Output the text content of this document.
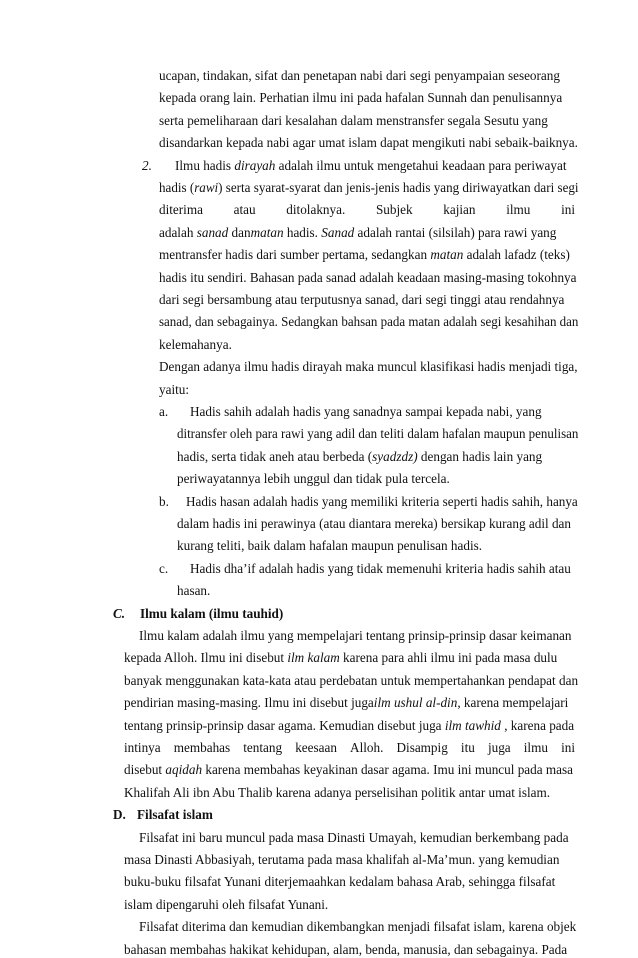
ucapan, tindakan, sifat dan penetapan nabi dari segi penyampaian seseorang
kepada orang lain. Perhatian ilmu ini pada hafalan Sunnah dan penulisannya
serta pemeliharaan dari kesalahan dalam menstransfer segala Sesutu yang
disandarkan kepada nabi agar umat islam dapat mengikuti nabi sebaik-baiknya.
2. Ilmu hadis dirayah adalah ilmu untuk mengetahui keadaan para periwayat
hadis (rawi) serta syarat-syarat dan jenis-jenis hadis yang diriwayatkan dari segi
diterima atau ditolaknya. Subjek kajian ilmu ini
adalah sanad danmatan hadis. Sanad adalah rantai (silsilah) para rawi yang
mentransfer hadis dari sumber pertama, sedangkan matan adalah lafadz (teks)
hadis itu sendiri. Bahasan pada sanad adalah keadaan masing-masing tokohnya
dari segi bersambung atau terputusnya sanad, dari segi tinggi atau rendahnya
sanad, dan sebagainya. Sedangkan bahsan pada matan adalah segi kesahihan dan
kelemahanya.
Dengan adanya ilmu hadis dirayah maka muncul klasifikasi hadis menjadi tiga,
yaitu:
a. Hadis sahih adalah hadis yang sanadnya sampai kepada nabi, yang
ditransfer oleh para rawi yang adil dan teliti dalam hafalan maupun penulisan
hadis, serta tidak aneh atau berbeda (syadzdz) dengan hadis lain yang
periwayatannya lebih unggul dan tidak pula tercela.
b. Hadis hasan adalah hadis yang memiliki kriteria seperti hadis sahih, hanya
dalam hadis ini perawinya (atau diantara mereka) bersikap kurang adil dan
kurang teliti, baik dalam hafalan maupun penulisan hadis.
c. Hadis dha’if adalah hadis yang tidak memenuhi kriteria hadis sahih atau
hasan.
C. Ilmu kalam (ilmu tauhid)
Ilmu kalam adalah ilmu yang mempelajari tentang prinsip-prinsip dasar keimanan
kepada Alloh. Ilmu ini disebut ilm kalam karena para ahli ilmu ini pada masa dulu
banyak menggunakan kata-kata atau perdebatan untuk mempertahankan pendapat dan
pendirian masing-masing. Ilmu ini disebut jugailm ushul al-din, karena mempelajari
tentang prinsip-prinsip dasar agama. Kemudian disebut juga ilm tawhid , karena pada
intinya membahas tentang keesaan Alloh. Disampig itu juga ilmu ini
disebut aqidah karena membahas keyakinan dasar agama. Imu ini muncul pada masa
Khalifah Ali ibn Abu Thalib karena adanya perselisihan politik antar umat islam.
D. Filsafat islam
Filsafat ini baru muncul pada masa Dinasti Umayah, kemudian berkembang pada
masa Dinasti Abbasiyah, terutama pada masa khalifah al-Ma’mun. yang kemudian
buku-buku filsafat Yunani diterjemaahkan kedalam bahasa Arab, sehingga filsafat
islam dipengaruhi oleh filsafat Yunani.
Filsafat diterima dan kemudian dikembangkan menjadi filsafat islam, karena objek
bahasan membahas hakikat kehidupan, alam, benda, manusia, dan sebagainya. Pada
